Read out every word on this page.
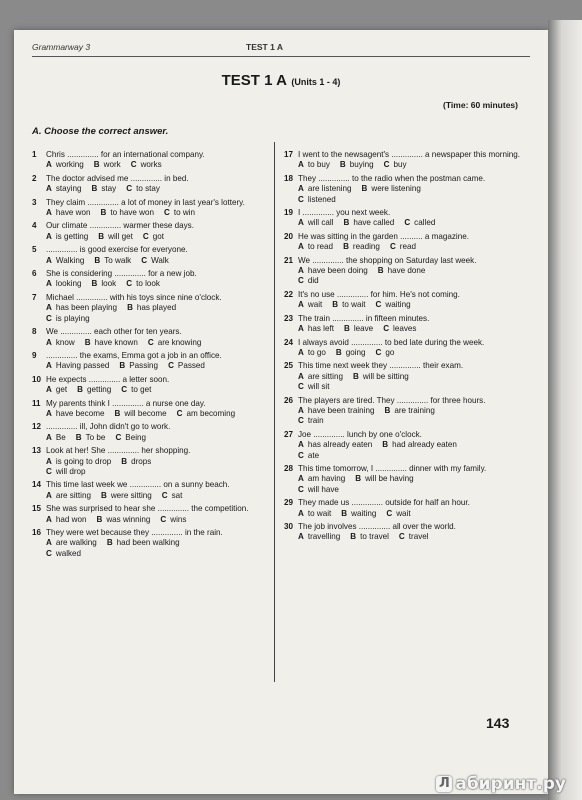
Grammarway 3	TEST 1 A
TEST 1 A (Units 1 - 4)
(Time: 60 minutes)
A. Choose the correct answer.
1 Chris .............. for an international company.
A working B work C works
2 The doctor advised me .............. in bed.
A staying B stay C to stay
3 They claim .............. a lot of money in last year's lottery.
A have won B to have won C to win
4 Our climate .............. warmer these days.
A is getting B will get C got
5 .............. is good exercise for everyone.
A Walking B To walk C Walk
6 She is considering .............. for a new job.
A looking B look C to look
7 Michael .............. with his toys since nine o'clock.
A has been playing B has played
C is playing
8 We .............. each other for ten years.
A know B have known C are knowing
9 .............. the exams, Emma got a job in an office.
A Having passed B Passing C Passed
10 He expects .............. a letter soon.
A get B getting C to get
11 My parents think I .............. a nurse one day.
A have become B will become C am becoming
12 .............. ill, John didn't go to work.
A Be B To be C Being
13 Look at her! She .............. her shopping.
A is going to drop B drops
C will drop
14 This time last week we .............. on a sunny beach.
A are sitting B were sitting C sat
15 She was surprised to hear she .............. the competition.
A had won B was winning C wins
16 They were wet because they .............. in the rain.
A are walking B had been walking
C walked
17 I went to the newsagent's .............. a newspaper this morning.
A to buy B buying C buy
18 They .............. to the radio when the postman came.
A are listening B were listening
C listened
19 I .............. you next week.
A will call B have called C called
20 He was sitting in the garden .......... a magazine.
A to read B reading C read
21 We .............. the shopping on Saturday last week.
A have been doing B have done
C did
22 It's no use .............. for him. He's not coming.
A wait B to wait C waiting
23 The train .............. in fifteen minutes.
A has left B leave C leaves
24 I always avoid .............. to bed late during the week.
A to go B going C go
25 This time next week they .............. their exam.
A are sitting B will be sitting
C will sit
26 The players are tired. They .............. for three hours.
A have been training B are training
C train
27 Joe .............. lunch by one o'clock.
A has already eaten B had already eaten
C ate
28 This time tomorrow, I .............. dinner with my family.
A am having B will be having
C will have
29 They made us .............. outside for half an hour.
A to wait B waiting C wait
30 The job involves .............. all over the world.
A travelling B to travel C travel
143
Л абиринт.ру
